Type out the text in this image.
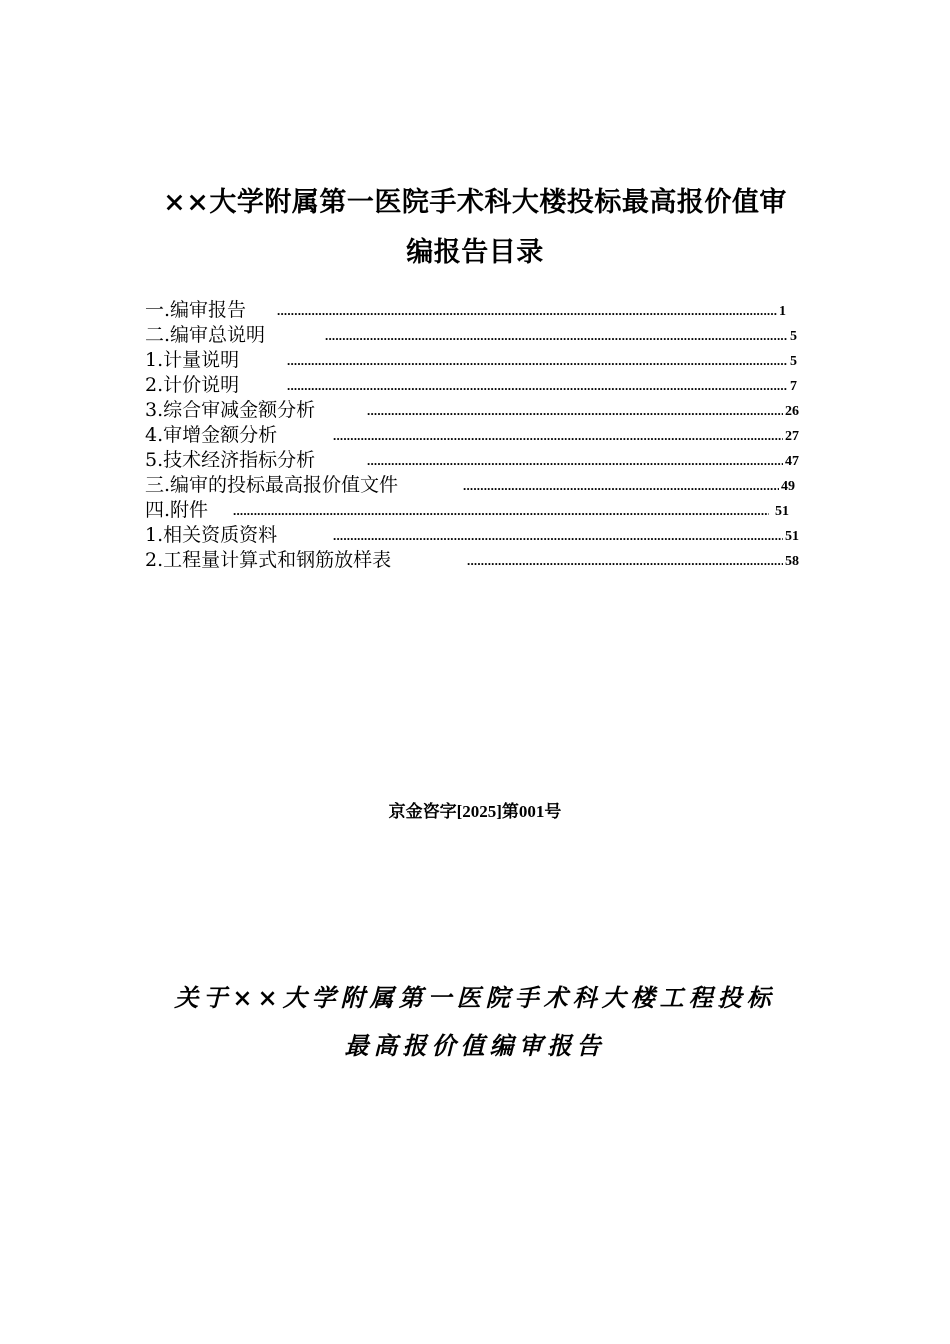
××大学附属第一医院手术科大楼投标最高报价值审
编报告目录
一.编审报告 .....	1
二.编审总说明 .....	5
1.计量说明 .....	5
2.计价说明 .....	7
3.综合审减金额分析 .....	26
4.审增金额分析 .....	27
5.技术经济指标分析 .....	47
三.编审的投标最高报价值文件 .....	49
四.附件 .....	51
1.相关资质资料 .....	51
2.工程量计算式和钢筋放样表 .....	58
京金咨字[2025]第001号
关于××大学附属第一医院手术科大楼工程投标
最高报价值编审报告
